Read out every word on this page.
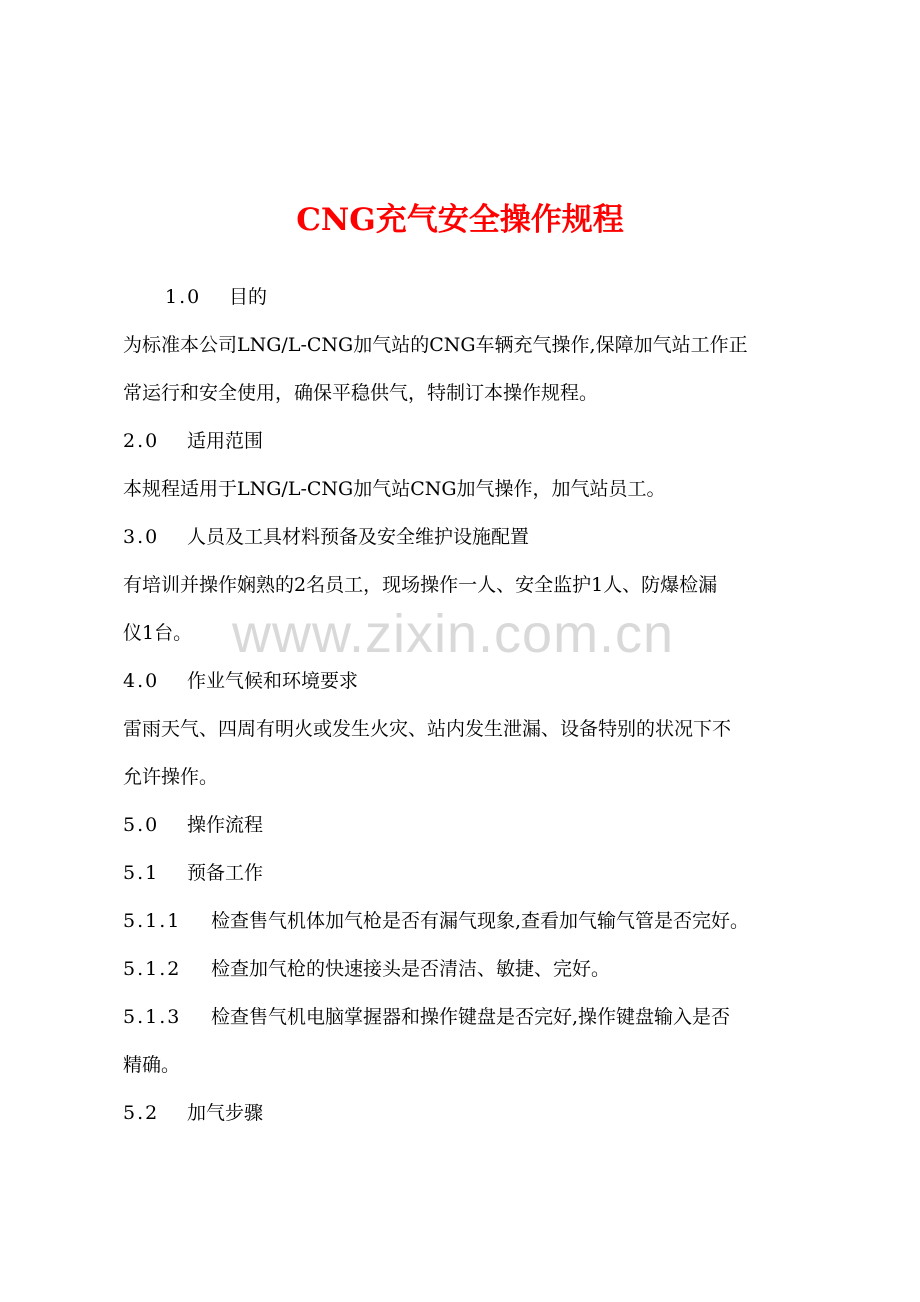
CNG充气安全操作规程

1.0 目的

为标准本公司LNG/L-CNG加气站的CNG车辆充气操作,保障加气站工作正

常运行和安全使用，确保平稳供气，特制订本操作规程。

2.0 适用范围

本规程适用于LNG/L-CNG加气站CNG加气操作，加气站员工。

3.0 人员及工具材料预备及安全维护设施配置

有培训并操作娴熟的2名员工，现场操作一人、安全监护1人、防爆检漏

仪1台。

4.0 作业气候和环境要求

雷雨天气、四周有明火或发生火灾、站内发生泄漏、设备特别的状况下不

允许操作。

5.0 操作流程

5.1 预备工作

5.1.1 检查售气机体加气枪是否有漏气现象,查看加气输气管是否完好。

5.1.2 检查加气枪的快速接头是否清洁、敏捷、完好。

5.1.3 检查售气机电脑掌握器和操作键盘是否完好,操作键盘输入是否

精确。

5.2 加气步骤

www.zixin.com.cn
